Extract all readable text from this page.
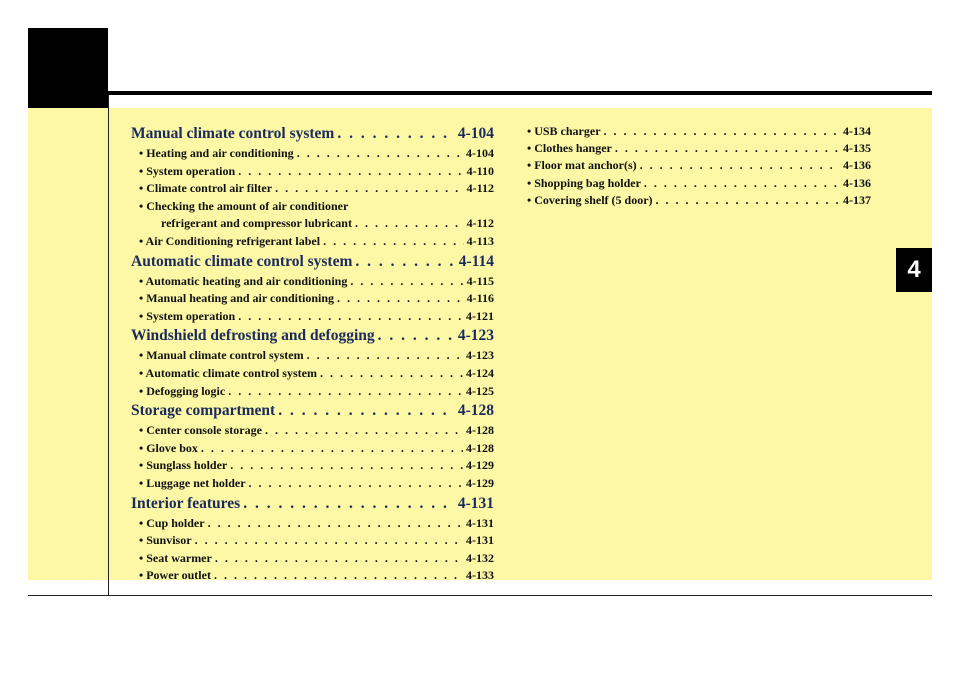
4
Manual climate control system . . .	4-104
• Heating and air conditioning . . .	4-104
• System operation . . .	4-110
• Climate control air filter . . .	4-112
• Checking the amount of air conditioner
refrigerant and compressor lubricant . . .	4-112
• Air Conditioning refrigerant label . . .	4-113
Automatic climate control system . . .	4-114
• Automatic heating and air conditioning . . .	4-115
• Manual heating and air conditioning . . .	4-116
• System operation . . .	4-121
Windshield defrosting and defogging . . .	4-123
• Manual climate control system . . .	4-123
• Automatic climate control system . . .	4-124
• Defogging logic . . .	4-125
Storage compartment . . .	4-128
• Center console storage . . .	4-128
• Glove box . . .	4-128
• Sunglass holder . . .	4-129
• Luggage net holder . . .	4-129
Interior features . . .	4-131
• Cup holder . . .	4-131
• Sunvisor . . .	4-131
• Seat warmer . . .	4-132
• Power outlet . . .	4-133
• USB charger . . .	4-134
• Clothes hanger . . .	4-135
• Floor mat anchor(s) . . .	4-136
• Shopping bag holder . . .	4-136
• Covering shelf (5 door) . . .	4-137
